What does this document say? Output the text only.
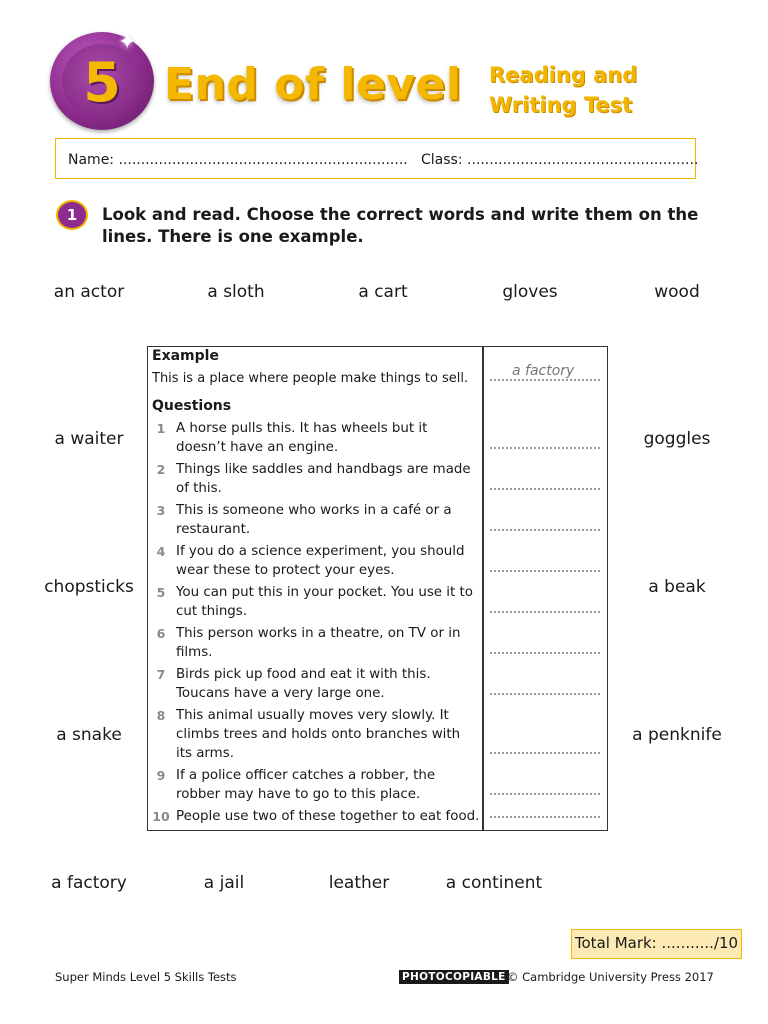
5
✦
End of level Reading and
Writing Test
Name: ................................................................. Class: ....................................................
1	Look and read. Choose the correct words and write them on the lines. There is one example.
an actor	a sloth	a cart	gloves	wood
a waiter	goggles
chopsticks	a beak
a snake	a penknife
a factory	a jail	leather	a continent
Example
This is a place where people make things to sell.	a factory
Questions
1 A horse pulls this. It has wheels but it doesn’t have an engine.
2 Things like saddles and handbags are made of this.
3 This is someone who works in a café or a restaurant.
4 If you do a science experiment, you should wear these to protect your eyes.
5 You can put this in your pocket. You use it to cut things.
6 This person works in a theatre, on TV or in films.
7 Birds pick up food and eat it with this. Toucans have a very large one.
8 This animal usually moves very slowly. It climbs trees and holds onto branches with its arms.
9 If a police officer catches a robber, the robber may have to go to this place.
10 People use two of these together to eat food.
Total Mark: .........../10
Super Minds Level 5 Skills Tests	PHOTOCOPIABLE © Cambridge University Press 2017
